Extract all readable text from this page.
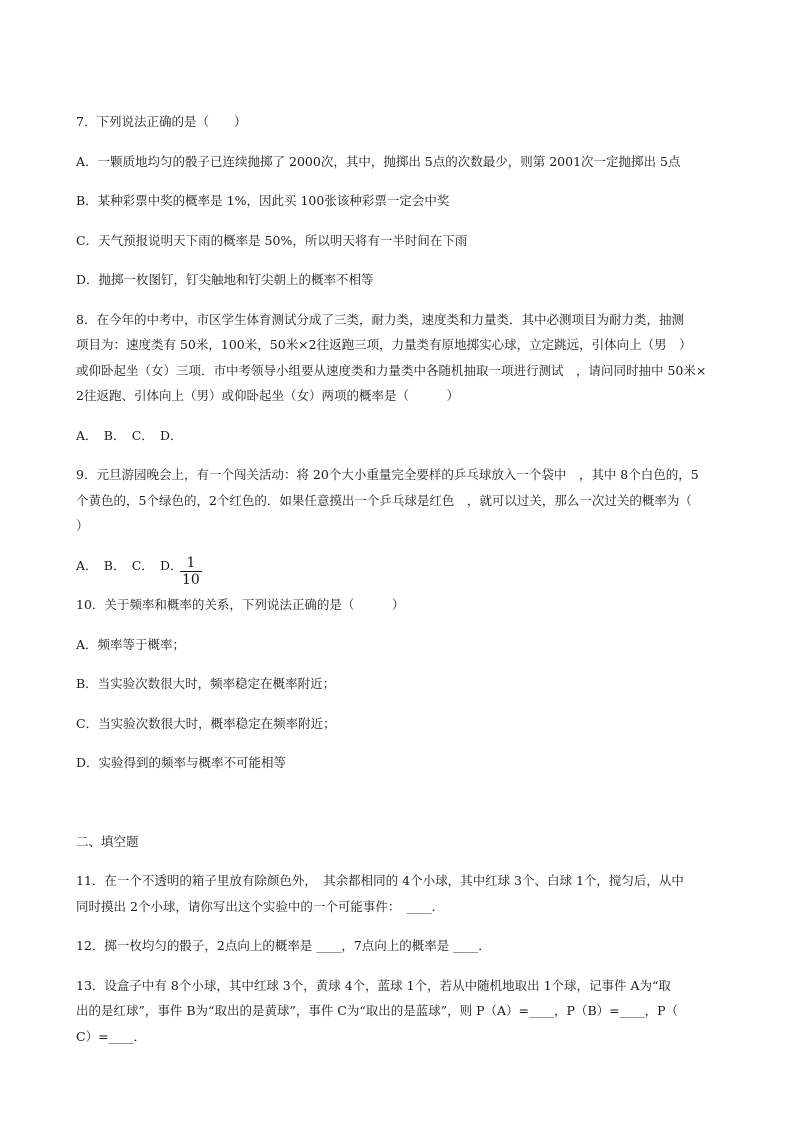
7．下列说法正确的是（　　）
A．一颗质地均匀的骰子已连续抛掷了 2000次，其中，抛掷出 5点的次数最少，则第 2001次一定抛掷出 5点
B．某种彩票中奖的概率是 1%，因此买 100张该种彩票一定会中奖
C．天气预报说明天下雨的概率是 50%，所以明天将有一半时间在下雨
D．抛掷一枚图钉，钉尖触地和钉尖朝上的概率不相等
8．在今年的中考中，市区学生体育测试分成了三类，耐力类，速度类和力量类．其中必测项目为耐力类，抽测
项目为：速度类有 50米，100米，50米×2往返跑三项，力量类有原地掷实心球，立定跳远，引体向上（男　）
或仰卧起坐（女）三项．市中考领导小组要从速度类和力量类中各随机抽取一项进行测试　，请问同时抽中 50米×
2往返跑、引体向上（男）或仰卧起坐（女）两项的概率是（　　　）
A．　B．　C．　D．
9．元旦游园晚会上，有一个闯关活动：将 20个大小重量完全要样的乒乓球放入一个袋中　，其中 8个白色的，5
个黄色的，5个绿色的，2个红色的．如果任意摸出一个乒乓球是红色　，就可以过关，那么一次过关的概率为（
）
A．　B．　C．　D．
$\frac{1}{10}$
10．关于频率和概率的关系，下列说法正确的是（　　　）
A．频率等于概率；
B．当实验次数很大时，频率稳定在概率附近；
C．当实验次数很大时，概率稳定在频率附近；
D．实验得到的频率与概率不可能相等
二、填空题
11．在一个不透明的箱子里放有除颜色外，　其余都相同的 4个小球，其中红球 3个、白球 1个，搅匀后，从中
同时摸出 2个小球，请你写出这个实验中的一个可能事件：　____．
12．掷一枚均匀的骰子，2点向上的概率是 ____，7点向上的概率是 ____．
13．设盒子中有 8个小球，其中红球 3个，黄球 4个，蓝球 1个，若从中随机地取出 1个球，记事件 A为“取
出的是红球”，事件 B为“取出的是黄球”，事件 C为“取出的是蓝球”，则 P（A）=____，P（B）=____，P（
C）=____．
